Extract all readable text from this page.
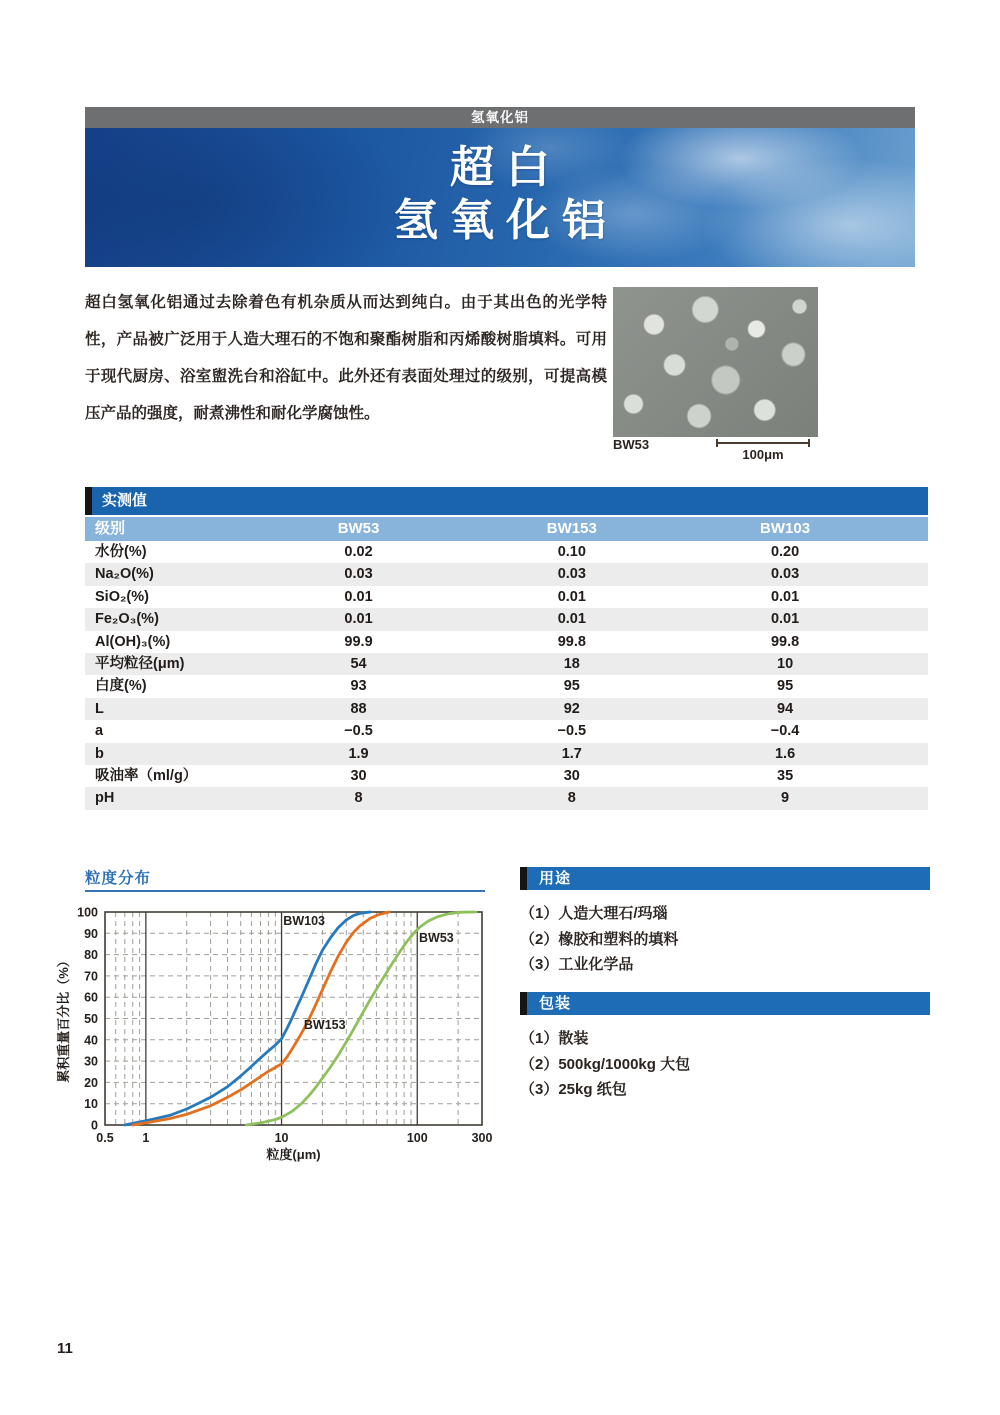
氢氧化铝
超白
氢氧化铝

超白氢氧化铝通过去除着色有机杂质从而达到纯白。由于其出色的光学特性，产品被广泛用于人造大理石的不饱和聚酯树脂和丙烯酸树脂填料。可用于现代厨房、浴室盥洗台和浴缸中。此外还有表面处理过的级别，可提高模压产品的强度，耐煮沸性和耐化学腐蚀性。

BW53
100μm
实测值
级别	BW53	BW153	BW103
水份(%)	0.02	0.10	0.20
Na₂O(%)	0.03	0.03	0.03
SiO₂(%)	0.01	0.01	0.01
Fe₂O₃(%)	0.01	0.01	0.01
Al(OH)₃(%)	99.9	99.8	99.8
平均粒径(μm)	54	18	10
白度(%)	93	95	95
L	88	92	94
a	−0.5	−0.5	−0.4
b	1.9	1.7	1.6
吸油率（ml/g）	30	30	35
pH	8	8	9
粒度分布
0
10
20
30
40
50
60
70
80
90
100
0.5 1	10	100	300
粒度(μm)
累积重量百分比（%）
BW103
BW153
BW53
用途
（1）人造大理石/玛瑙
（2）橡胶和塑料的填料
（3）工业化学品
包装
（1）散装
（2）500kg/1000kg 大包
（3）25kg 纸包
11
